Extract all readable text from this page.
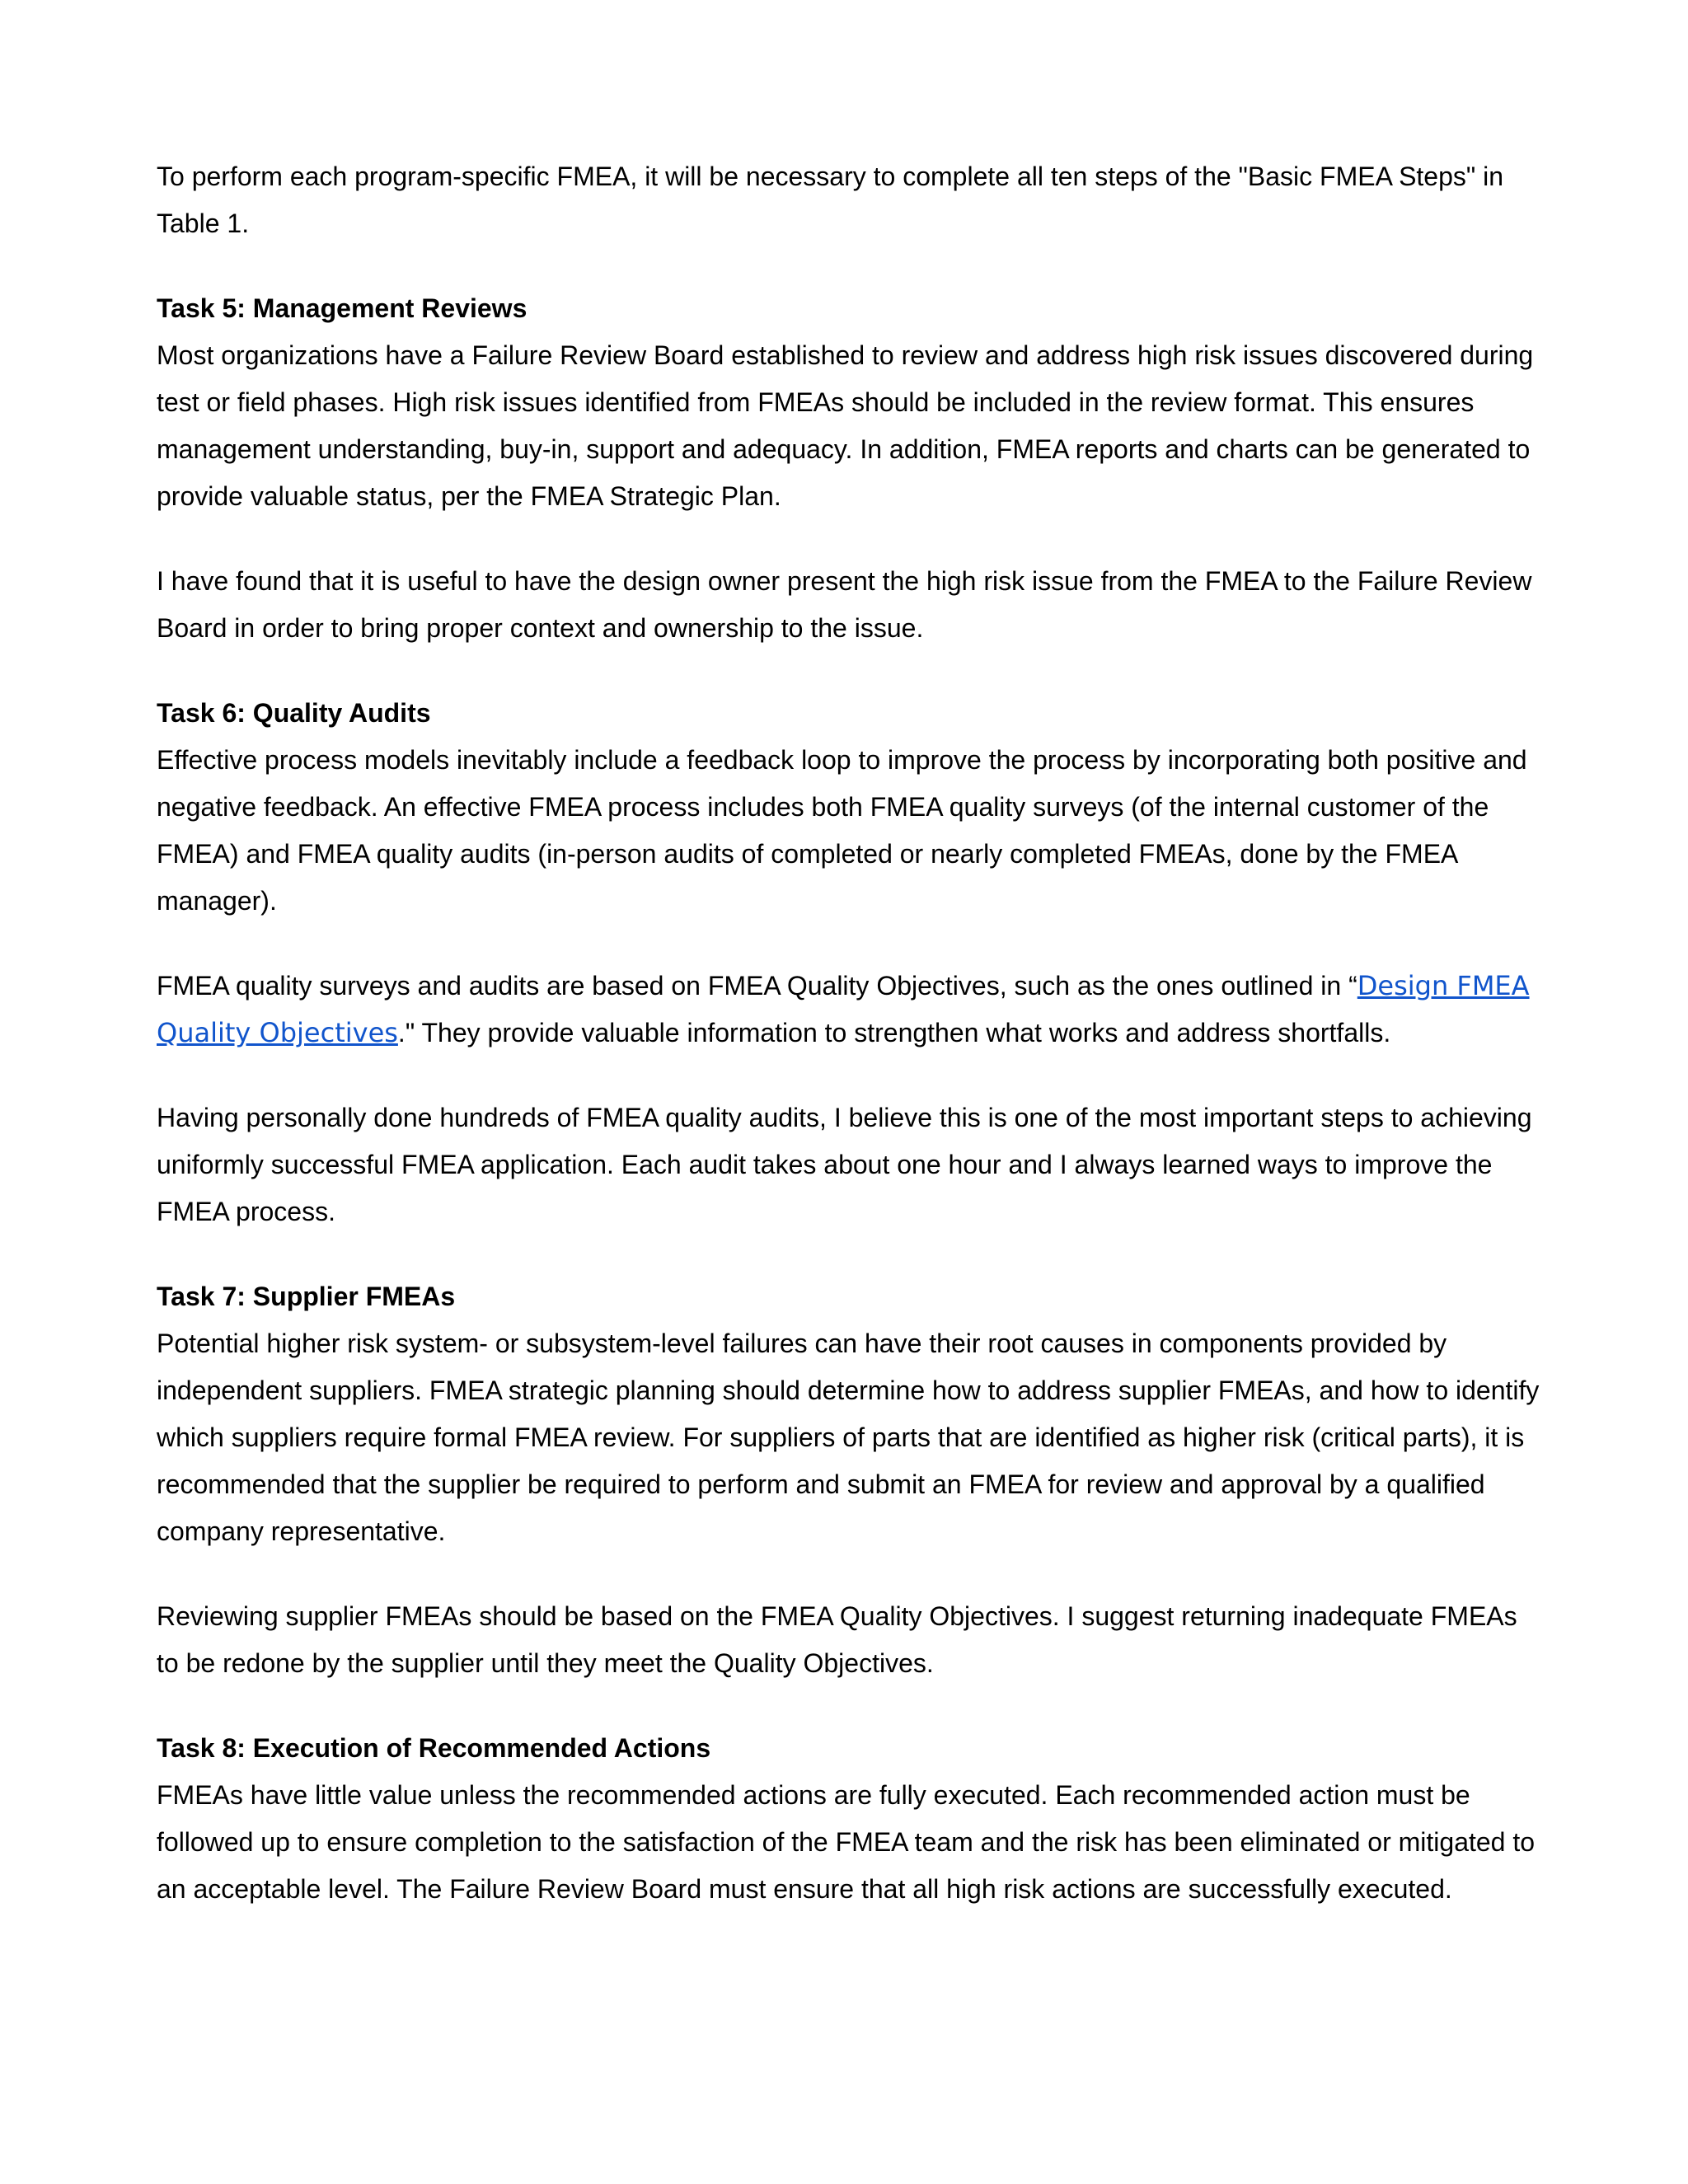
To perform each program-specific FMEA, it will be necessary to complete all ten steps of the "Basic FMEA Steps" in Table 1.

Task 5: Management Reviews

Most organizations have a Failure Review Board established to review and address high risk issues discovered during test or field phases. High risk issues identified from FMEAs should be included in the review format. This ensures management understanding, buy-in, support and adequacy. In addition, FMEA reports and charts can be generated to provide valuable status, per the FMEA Strategic Plan.

I have found that it is useful to have the design owner present the high risk issue from the FMEA to the Failure Review Board in order to bring proper context and ownership to the issue.

Task 6: Quality Audits

Effective process models inevitably include a feedback loop to improve the process by incorporating both positive and negative feedback. An effective FMEA process includes both FMEA quality surveys (of the internal customer of the FMEA) and FMEA quality audits (in-person audits of completed or nearly completed FMEAs, done by the FMEA manager).

FMEA quality surveys and audits are based on FMEA Quality Objectives, such as the ones outlined in “Design FMEA Quality Objectives." They provide valuable information to strengthen what works and address shortfalls.

Having personally done hundreds of FMEA quality audits, I believe this is one of the most important steps to achieving uniformly successful FMEA application. Each audit takes about one hour and I always learned ways to improve the FMEA process.

Task 7: Supplier FMEAs

Potential higher risk system- or subsystem-level failures can have their root causes in components provided by independent suppliers. FMEA strategic planning should determine how to address supplier FMEAs, and how to identify which suppliers require formal FMEA review. For suppliers of parts that are identified as higher risk (critical parts), it is recommended that the supplier be required to perform and submit an FMEA for review and approval by a qualified company representative.

Reviewing supplier FMEAs should be based on the FMEA Quality Objectives. I suggest returning inadequate FMEAs to be redone by the supplier until they meet the Quality Objectives.

Task 8: Execution of Recommended Actions

FMEAs have little value unless the recommended actions are fully executed. Each recommended action must be followed up to ensure completion to the satisfaction of the FMEA team and the risk has been eliminated or mitigated to an acceptable level. The Failure Review Board must ensure that all high risk actions are successfully executed.
